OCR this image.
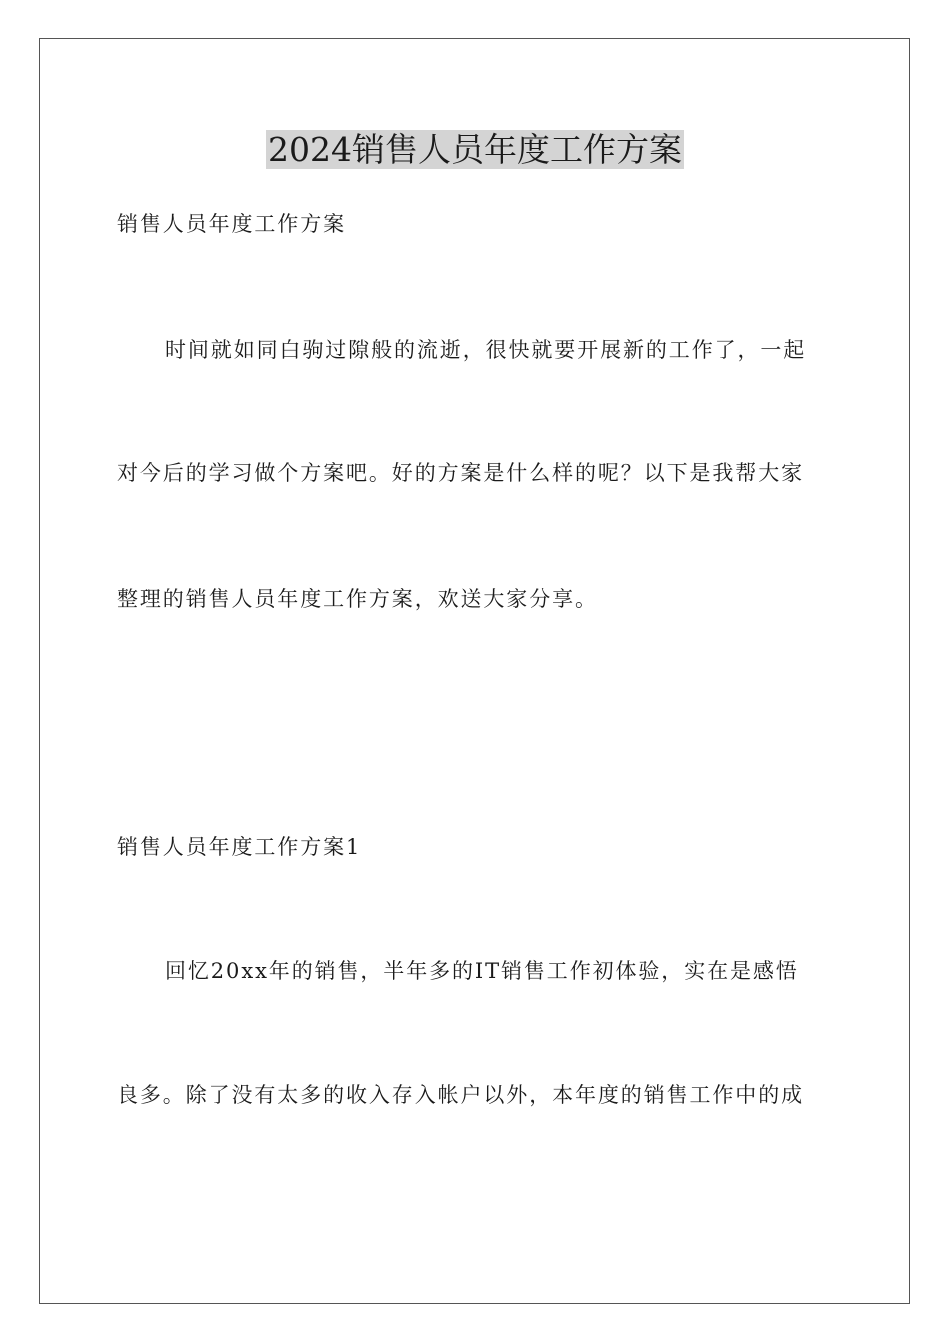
2024销售人员年度工作方案
销售人员年度工作方案
时间就如同白驹过隙般的流逝，很快就要开展新的工作了，一起
对今后的学习做个方案吧。好的方案是什么样的呢？以下是我帮大家
整理的销售人员年度工作方案，欢送大家分享。
销售人员年度工作方案1
回忆20xx年的销售，半年多的IT销售工作初体验，实在是感悟
良多。除了没有太多的收入存入帐户以外，本年度的销售工作中的成
